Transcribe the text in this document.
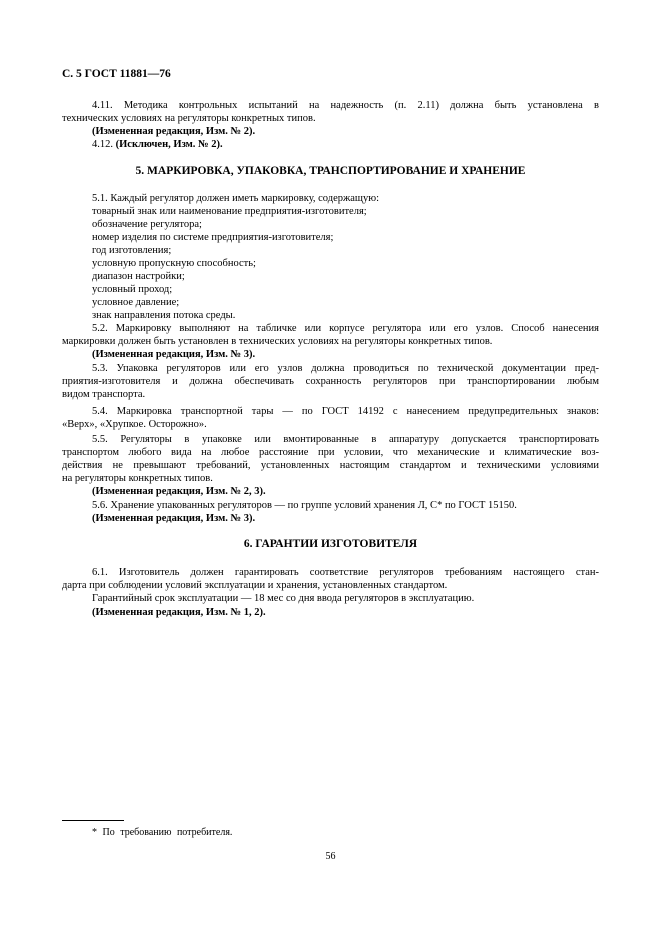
С. 5 ГОСТ 11881—76
4.11. Методика контрольных испытаний на надежность (п. 2.11) должна быть установлена в
технических условиях на регуляторы конкретных типов.
(Измененная редакция, Изм. № 2).
4.12. (Исключен, Изм. № 2).
5. МАРКИРОВКА, УПАКОВКА, ТРАНСПОРТИРОВАНИЕ И ХРАНЕНИЕ
5.1. Каждый регулятор должен иметь маркировку, содержащую:
товарный знак или наименование предприятия-изготовителя;
обозначение регулятора;
номер изделия по системе предприятия-изготовителя;
год изготовления;
условную пропускную способность;
диапазон настройки;
условный проход;
условное давление;
знак направления потока среды.
5.2. Маркировку выполняют на табличке или корпусе регулятора или его узлов. Способ нанесения
маркировки должен быть установлен в технических условиях на регуляторы конкретных типов.
(Измененная редакция, Изм. № 3).
5.3. Упаковка регуляторов или его узлов должна проводиться по технической документации пред-
приятия-изготовителя и должна обеспечивать сохранность регуляторов при транспортировании любым
видом транспорта.
5.4. Маркировка транспортной тары — по ГОСТ 14192 с нанесением предупредительных знаков:
«Верх», «Хрупкое. Осторожно».
5.5. Регуляторы в упаковке или вмонтированные в аппаратуру допускается транспортировать
транспортом любого вида на любое расстояние при условии, что механические и климатические воз-
действия не превышают требований, установленных настоящим стандартом и техническими условиями
на регуляторы конкретных типов.
(Измененная редакция, Изм. № 2, 3).
5.6. Хранение упакованных регуляторов — по группе условий хранения Л, С* по ГОСТ 15150.
(Измененная редакция, Изм. № 3).
6. ГАРАНТИИ ИЗГОТОВИТЕЛЯ
6.1. Изготовитель должен гарантировать соответствие регуляторов требованиям настоящего стан-
дарта при соблюдении условий эксплуатации и хранения, установленных стандартом.
Гарантийный срок эксплуатации — 18 мес со дня ввода регуляторов в эксплуатацию.
(Измененная редакция, Изм. № 1, 2).
* По требованию потребителя.
56
